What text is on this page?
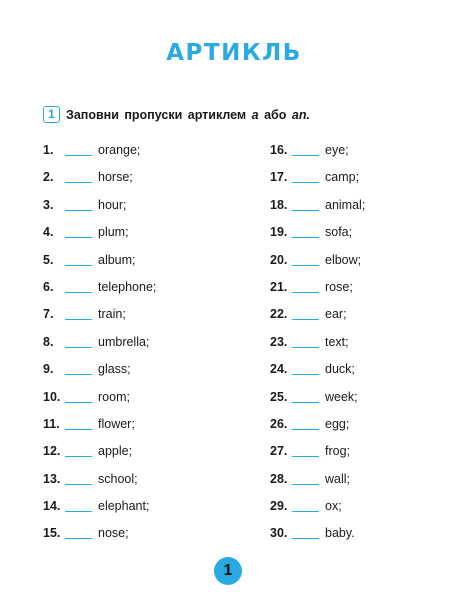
АРТИКЛЬ
1 Заповни пропуски артиклем a або an.
1.	orange;
2.	horse;
3.	hour;
4.	plum;
5.	album;
6.	telephone;
7.	train;
8.	umbrella;
9.	glass;
10.	room;
11.	flower;
12.	apple;
13.	school;
14.	elephant;
15.	nose;
16.	eye;
17.	camp;
18.	animal;
19.	sofa;
20.	elbow;
21.	rose;
22.	ear;
23.	text;
24.	duck;
25.	week;
26.	egg;
27.	frog;
28.	wall;
29.	ox;
30.	baby.
1
